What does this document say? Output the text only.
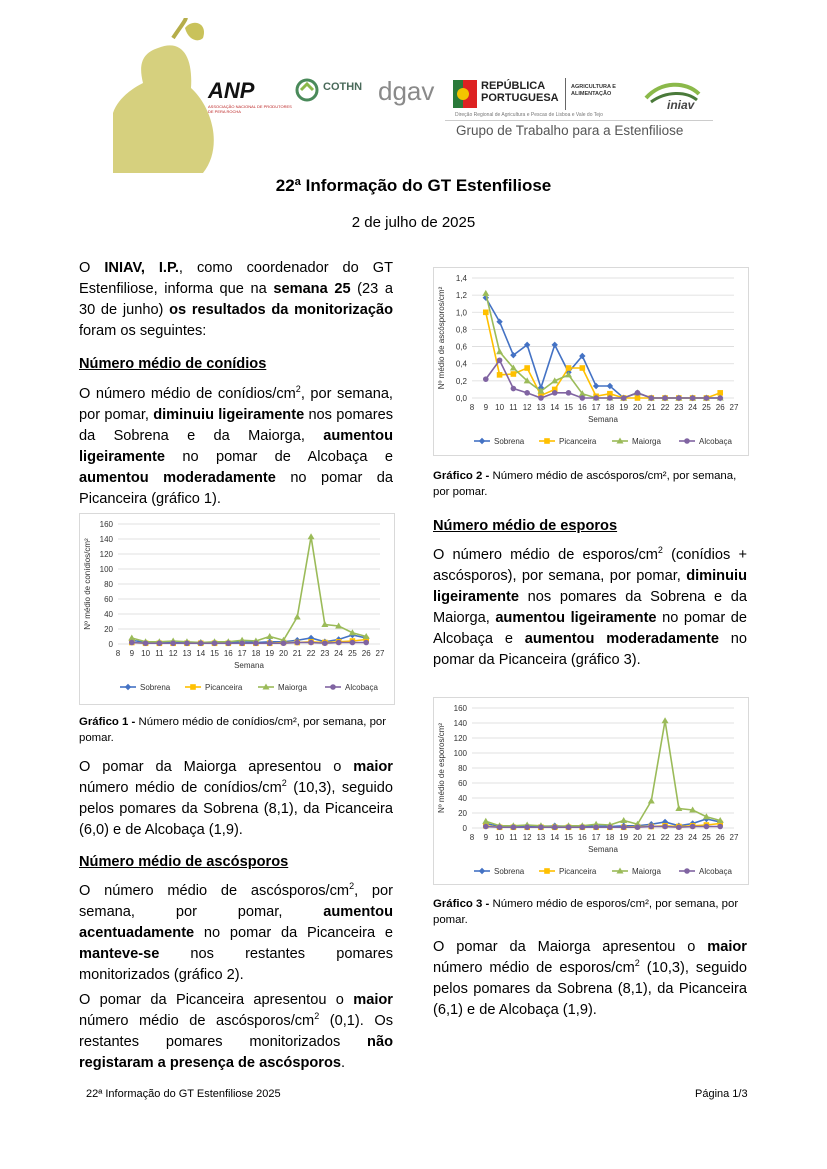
ANP
ASSOCIAÇÃO NACIONAL DE PRODUTORES DE PERA ROCHA
COTHN dgav	REPÚBLICA PORTUGUESA
AGRICULTURA E ALIMENTAÇÃO
Direção Regional de Agricultura e Pescas de Lisboa e Vale do Tejo
iniav
Grupo de Trabalho para a Estenfiliose
22ª Informação do GT Estenfiliose
2 de julho de 2025
O INIAV, I.P., como coordenador do GT Estenfiliose, informa que na semana 25 (23 a 30 de junho) os resultados da monitorização foram os seguintes:
Número médio de conídios
O número médio de conídios/$cm^2$, por semana, por pomar, diminuiu ligeiramente nos pomares da Sobrena e da Maiorga, aumentou ligeiramente no pomar de Alcobaça e aumentou moderadamente no pomar da Picanceira (gráfico 1).
0
20
40
60
80
100
120
140
160
8 9 10 11 12 13 14 15 16 17 18 19 20 21 22 23 24 25 26 27
Semana
Nº médio de conídios/cm²
Sobrena	Picanceira	Maiorga	Alcobaça
Gráfico 1 - Número médio de conídios/cm², por semana, por pomar.
O pomar da Maiorga apresentou o maior número médio de conídios/$cm^2$ (10,3), seguido pelos pomares da Sobrena (8,1), da Picanceira (6,0) e de Alcobaça (1,9).
Número médio de ascósporos
O número médio de ascósporos/$cm^2$, por semana, por pomar, aumentou acentuadamente no pomar da Picanceira e manteve-se nos restantes pomares monitorizados (gráfico 2).
O pomar da Picanceira apresentou o maior número médio de ascósporos/$cm^2$ (0,1). Os restantes pomares monitorizados não registaram a presença de ascósporos.
0,0
0,2
0,4
0,6
0,8
1,0
1,2
1,4
8 9 10 11 12 13 14 15 16 17 18 19 20 21 22 23 24 25 26 27
Semana
Nº médio de ascósporos/cm²
Sobrena	Picanceira	Maiorga	Alcobaça
Gráfico 2 - Número médio de ascósporos/cm², por semana, por pomar.
Número médio de esporos
O número médio de esporos/$cm^2$ (conídios + ascósporos), por semana, por pomar, diminuiu ligeiramente nos pomares da Sobrena e da Maiorga, aumentou ligeiramente no pomar de Alcobaça e aumentou moderadamente no pomar da Picanceira (gráfico 3).
0
20
40
60
80
100
120
140
160
8 9 10 11 12 13 14 15 16 17 18 19 20 21 22 23 24 25 26 27
Semana
Nº médio de esporos/cm²
Sobrena	Picanceira	Maiorga	Alcobaça
Gráfico 3 - Número médio de esporos/cm², por semana, por pomar.
O pomar da Maiorga apresentou o maior número médio de esporos/$cm^2$ (10,3), seguido pelos pomares da Sobrena (8,1), da Picanceira (6,1) e de Alcobaça (1,9).
22ª Informação do GT Estenfiliose 2025	Página 1/3
